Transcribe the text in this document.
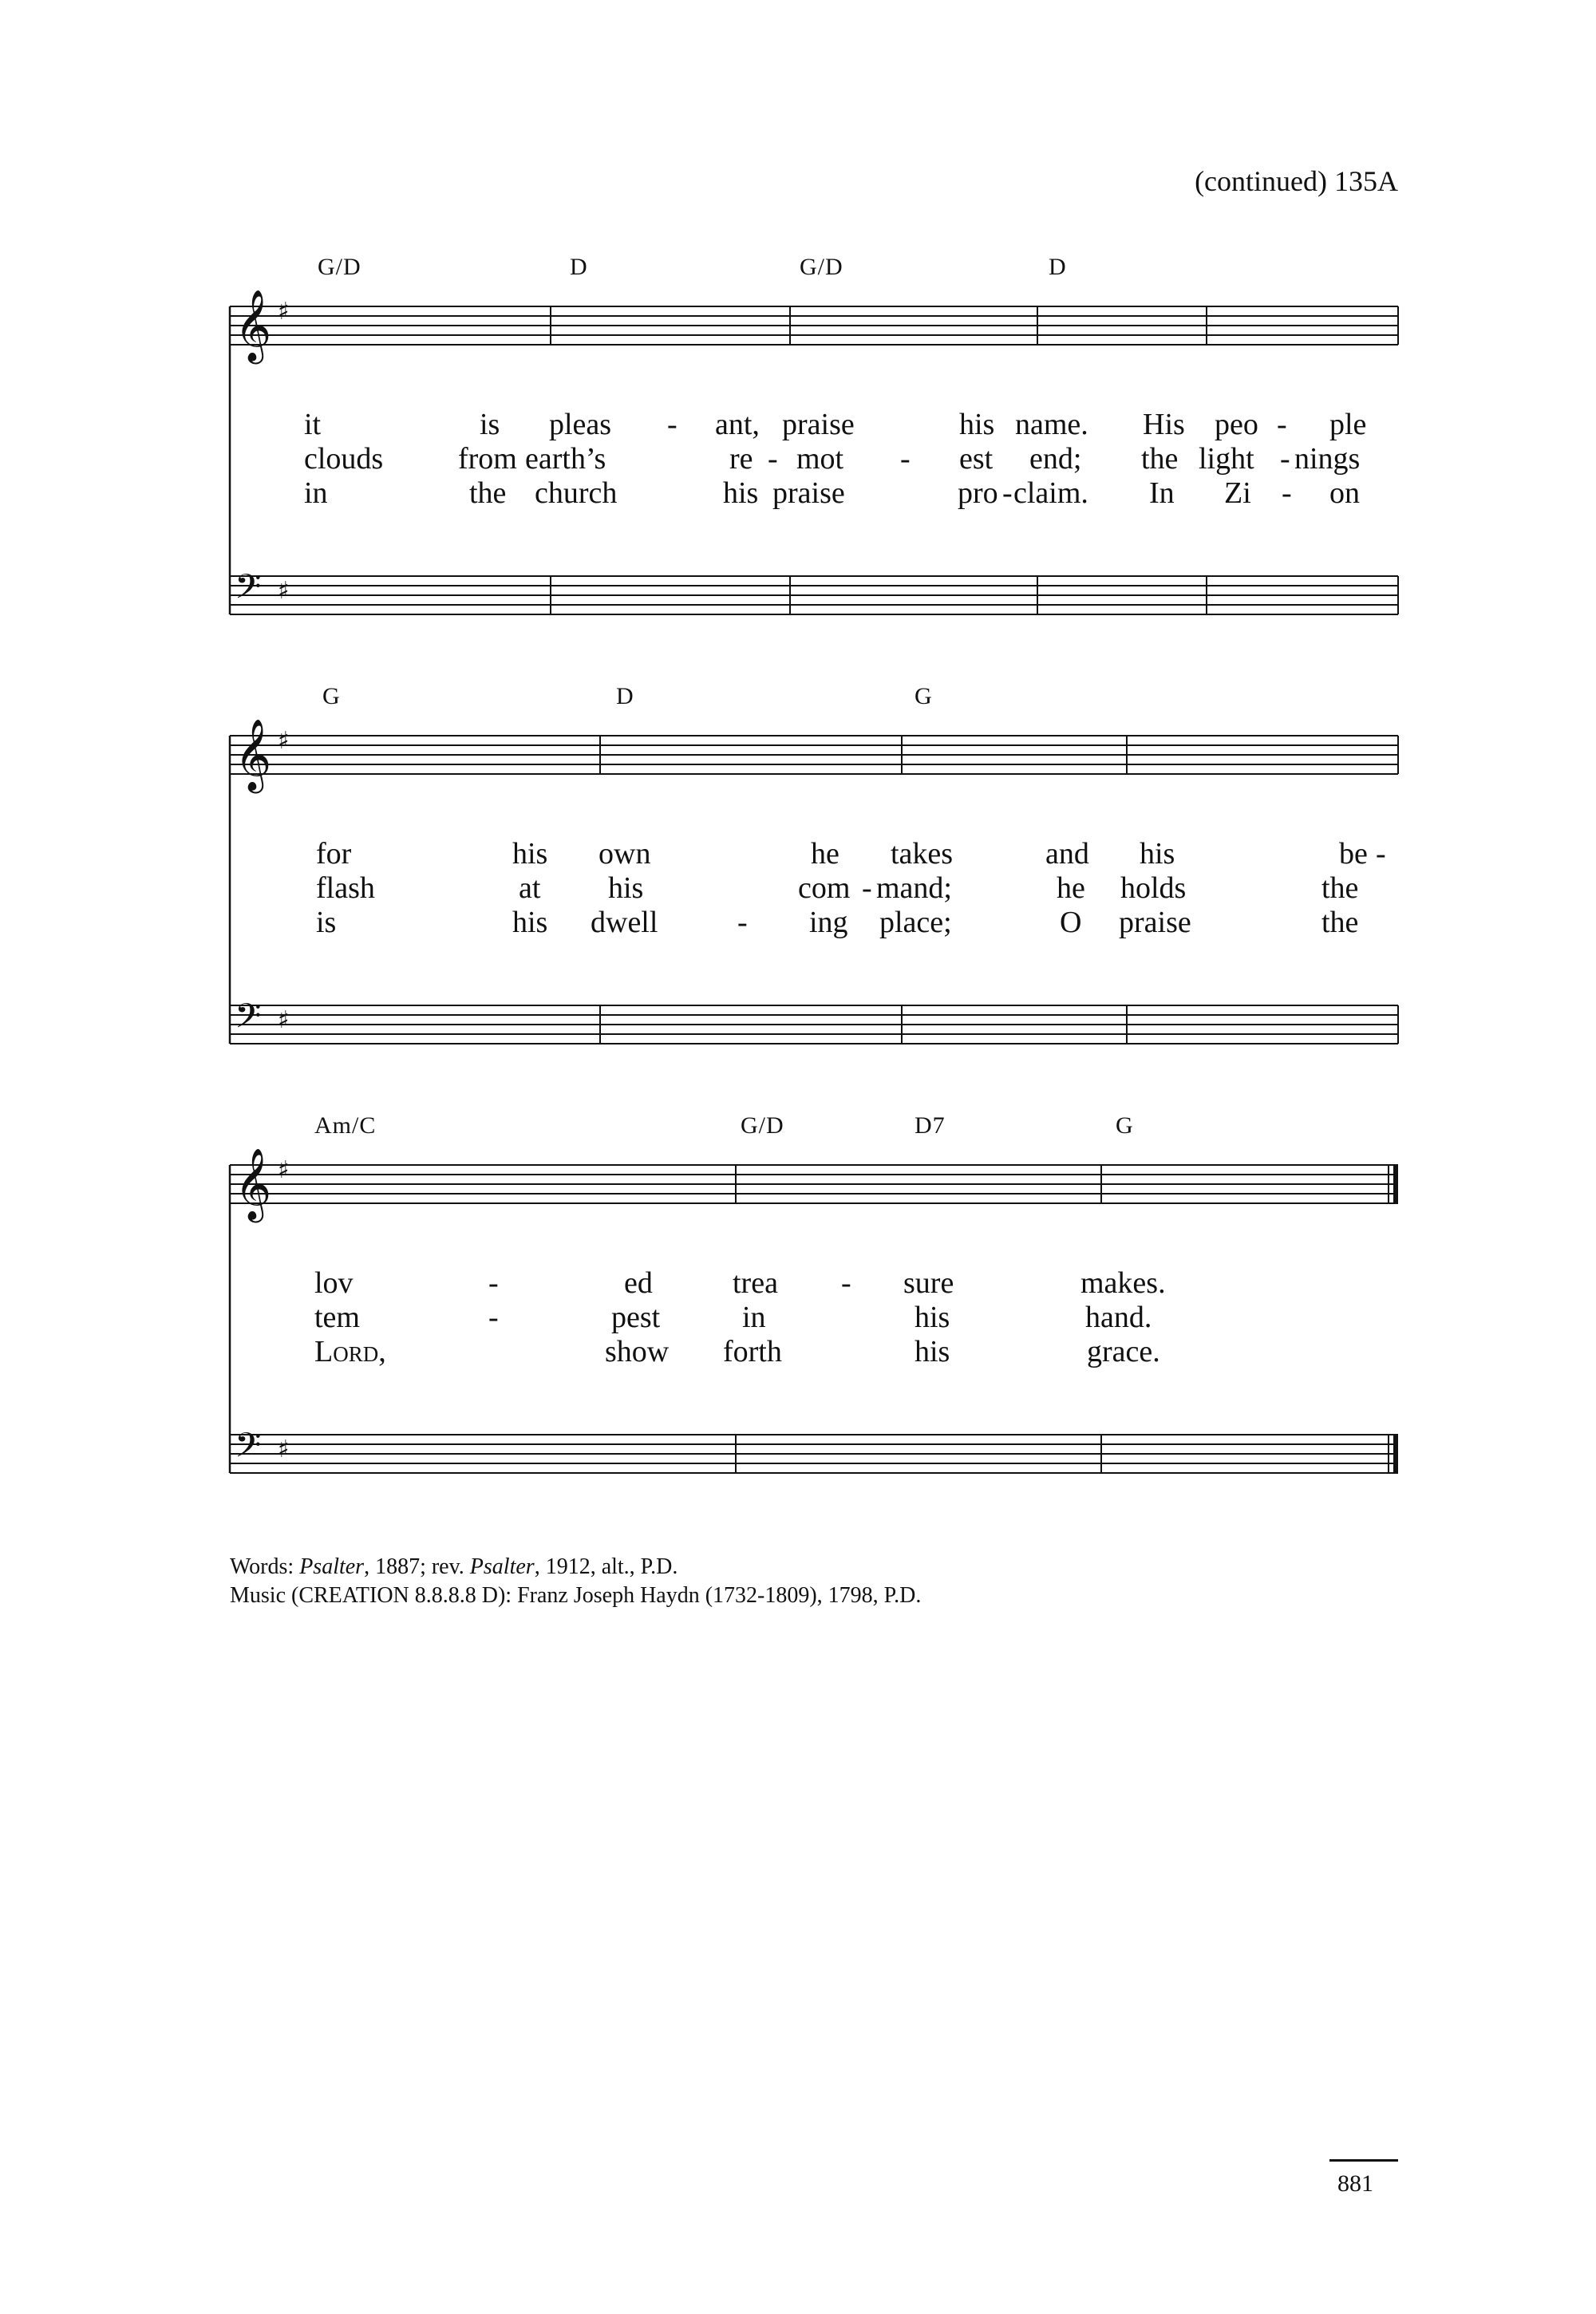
(continued) 135A
𝄞 ♯
𝄢 ♯
G/D	D	G/D	D
it	is pleas - ant, praise	his name. His peo - ple
clouds from earth’s	re - mot - est end; the light - nings
in	the church	his praise	pro - claim. In Zi - on
𝄞 ♯
𝄢 ♯
G	D	G
for	his own	he takes	and his	be -
flash	at his	com - mand;	he holds	the
is	his dwell	- ing place;	O praise	the
𝄞 ♯
𝄢 ♯
Am/C	G/D	D7	G
lov	-	ed	trea - sure	makes.
tem	-	pest	in	his	hand.
Lord,	show forth	his	grace.
Words: Psalter, 1887; rev. Psalter, 1912, alt., P.D.
Music (CREATION 8.8.8.8 D): Franz Joseph Haydn (1732-1809), 1798, P.D.
881
